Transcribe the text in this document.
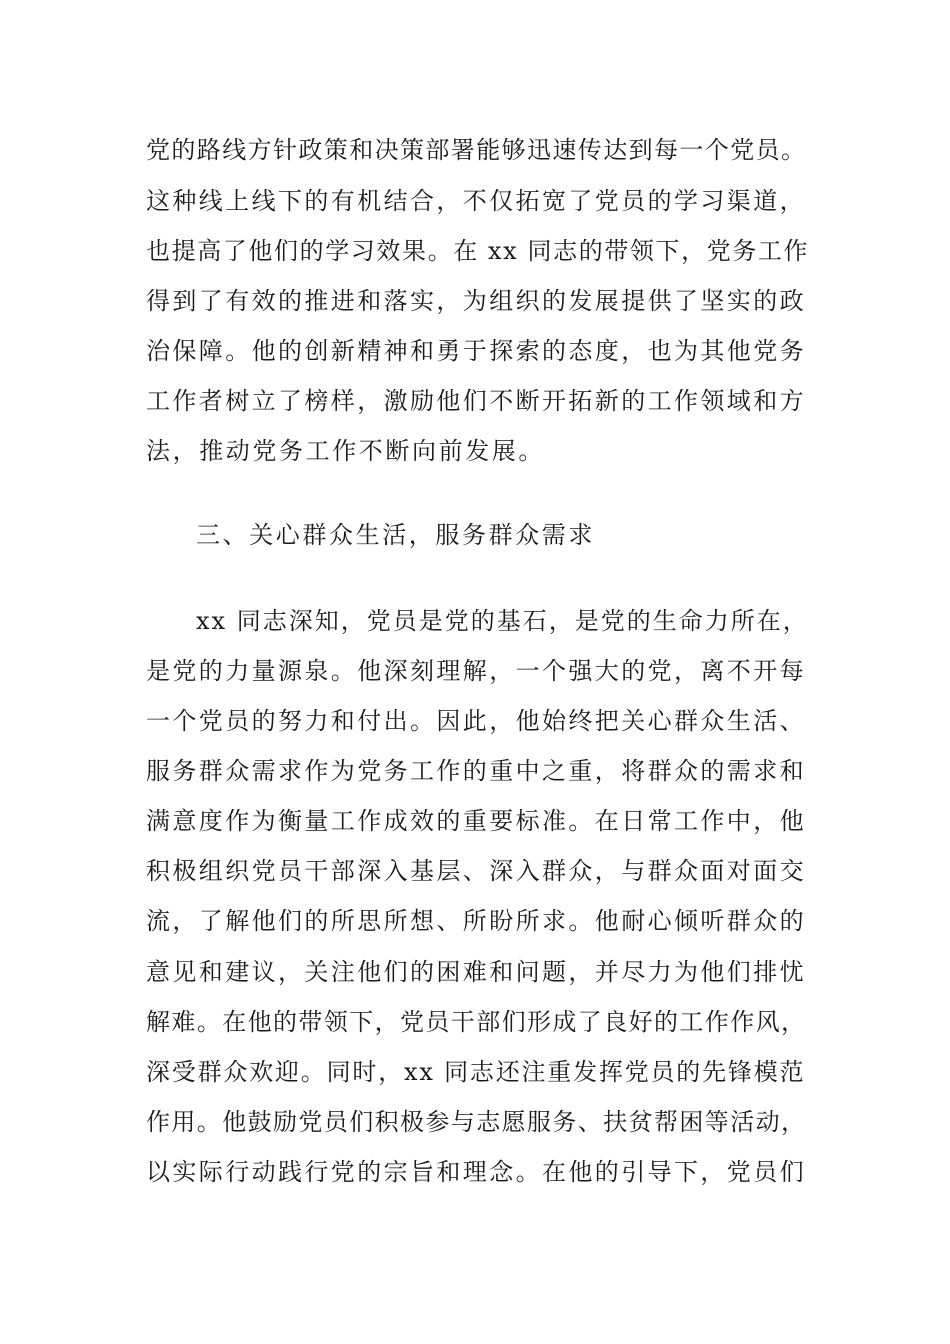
党的路线方针政策和决策部署能够迅速传达到每一个党员。
这种线上线下的有机结合，不仅拓宽了党员的学习渠道，
也提高了他们的学习效果。在 xx 同志的带领下，党务工作
得到了有效的推进和落实，为组织的发展提供了坚实的政
治保障。他的创新精神和勇于探索的态度，也为其他党务
工作者树立了榜样，激励他们不断开拓新的工作领域和方
法，推动党务工作不断向前发展。
三、关心群众生活，服务群众需求
xx 同志深知，党员是党的基石，是党的生命力所在，
是党的力量源泉。他深刻理解，一个强大的党，离不开每
一个党员的努力和付出。因此，他始终把关心群众生活、
服务群众需求作为党务工作的重中之重，将群众的需求和
满意度作为衡量工作成效的重要标准。在日常工作中，他
积极组织党员干部深入基层、深入群众，与群众面对面交
流，了解他们的所思所想、所盼所求。他耐心倾听群众的
意见和建议，关注他们的困难和问题，并尽力为他们排忧
解难。在他的带领下，党员干部们形成了良好的工作作风，
深受群众欢迎。同时，xx 同志还注重发挥党员的先锋模范
作用。他鼓励党员们积极参与志愿服务、扶贫帮困等活动，
以实际行动践行党的宗旨和理念。在他的引导下，党员们
